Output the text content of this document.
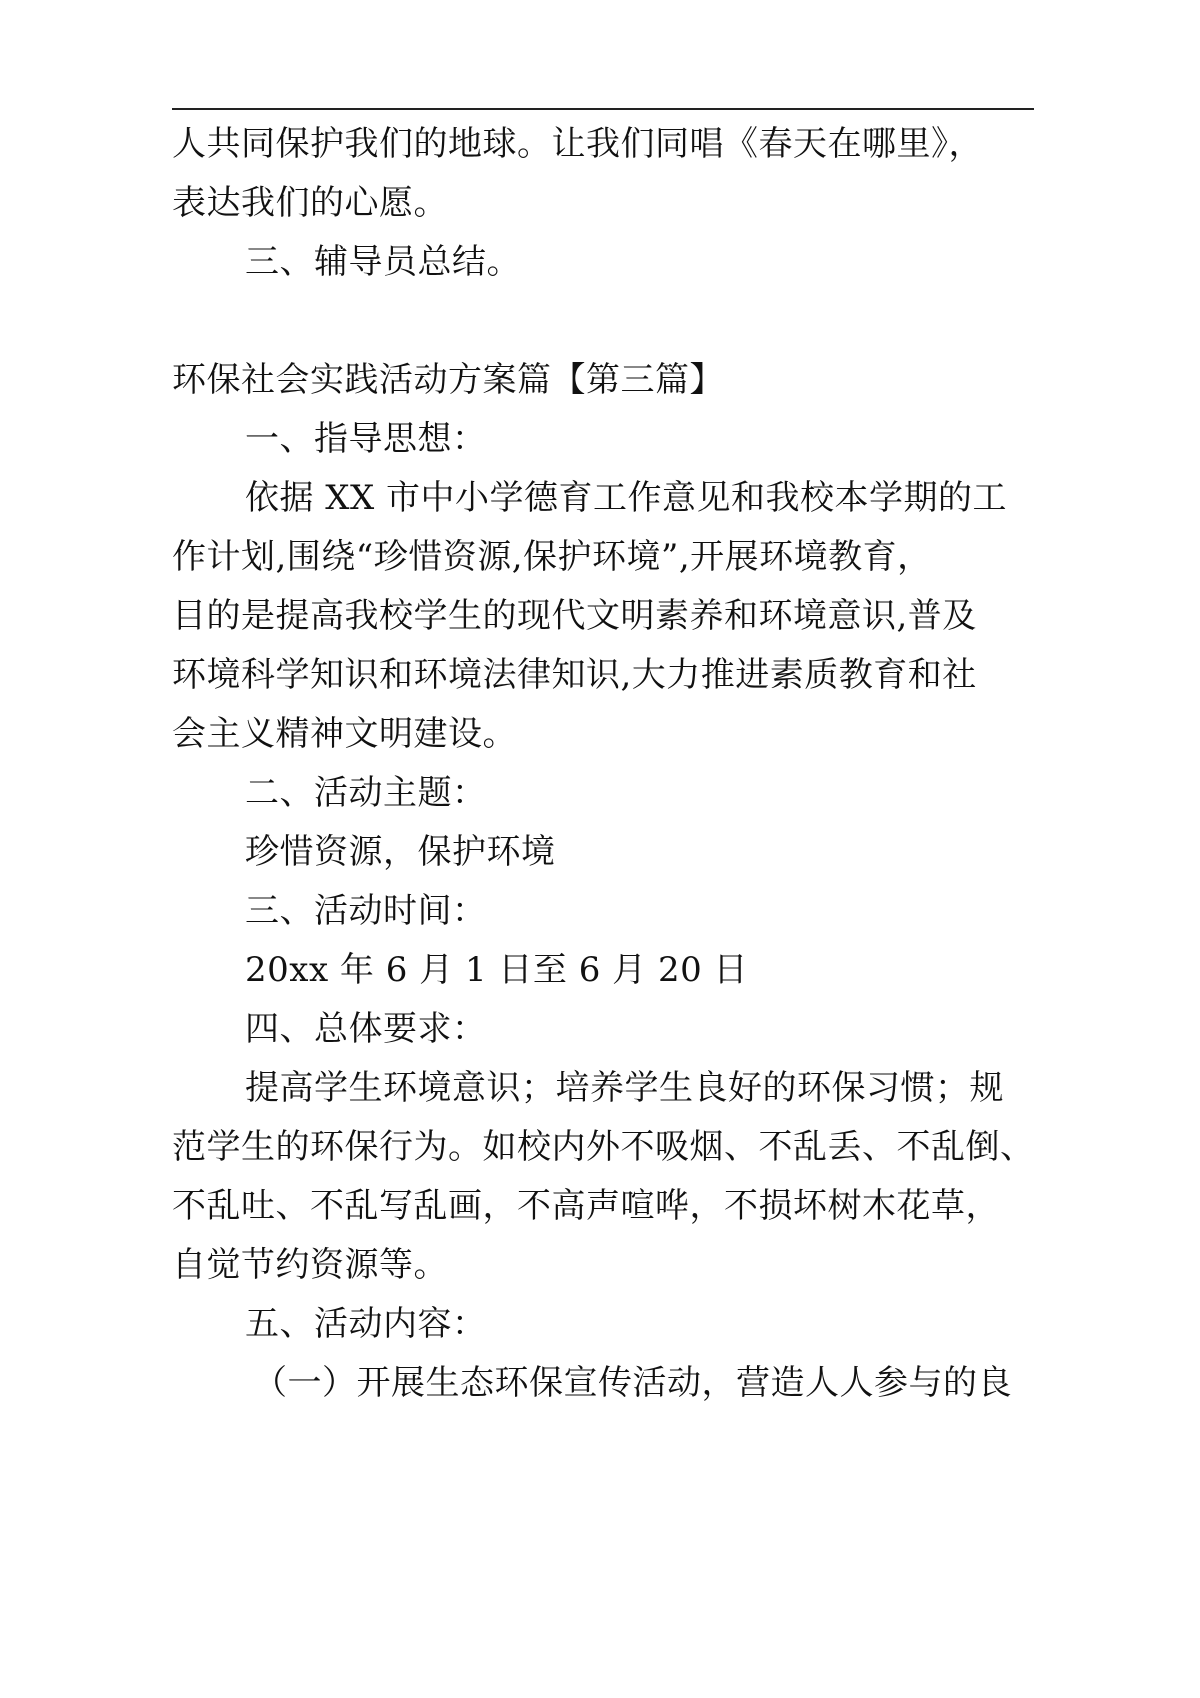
人共同保护我们的地球。让我们同唱《春天在哪里》，
表达我们的心愿。
三、辅导员总结。
环保社会实践活动方案篇【第三篇】
一、指导思想：
依据 XX 市中小学德育工作意见和我校本学期的工
作计划,围绕“珍惜资源,保护环境”,开展环境教育，
目的是提高我校学生的现代文明素养和环境意识,普及
环境科学知识和环境法律知识,大力推进素质教育和社
会主义精神文明建设。
二、活动主题：
珍惜资源，保护环境
三、活动时间：
20xx 年 6 月 1 日至 6 月 20 日
四、总体要求：
提高学生环境意识；培养学生良好的环保习惯；规
范学生的环保行为。如校内外不吸烟、不乱丢、不乱倒、
不乱吐、不乱写乱画，不高声喧哗，不损坏树木花草，
自觉节约资源等。
五、活动内容：
（一）开展生态环保宣传活动，营造人人参与的良
